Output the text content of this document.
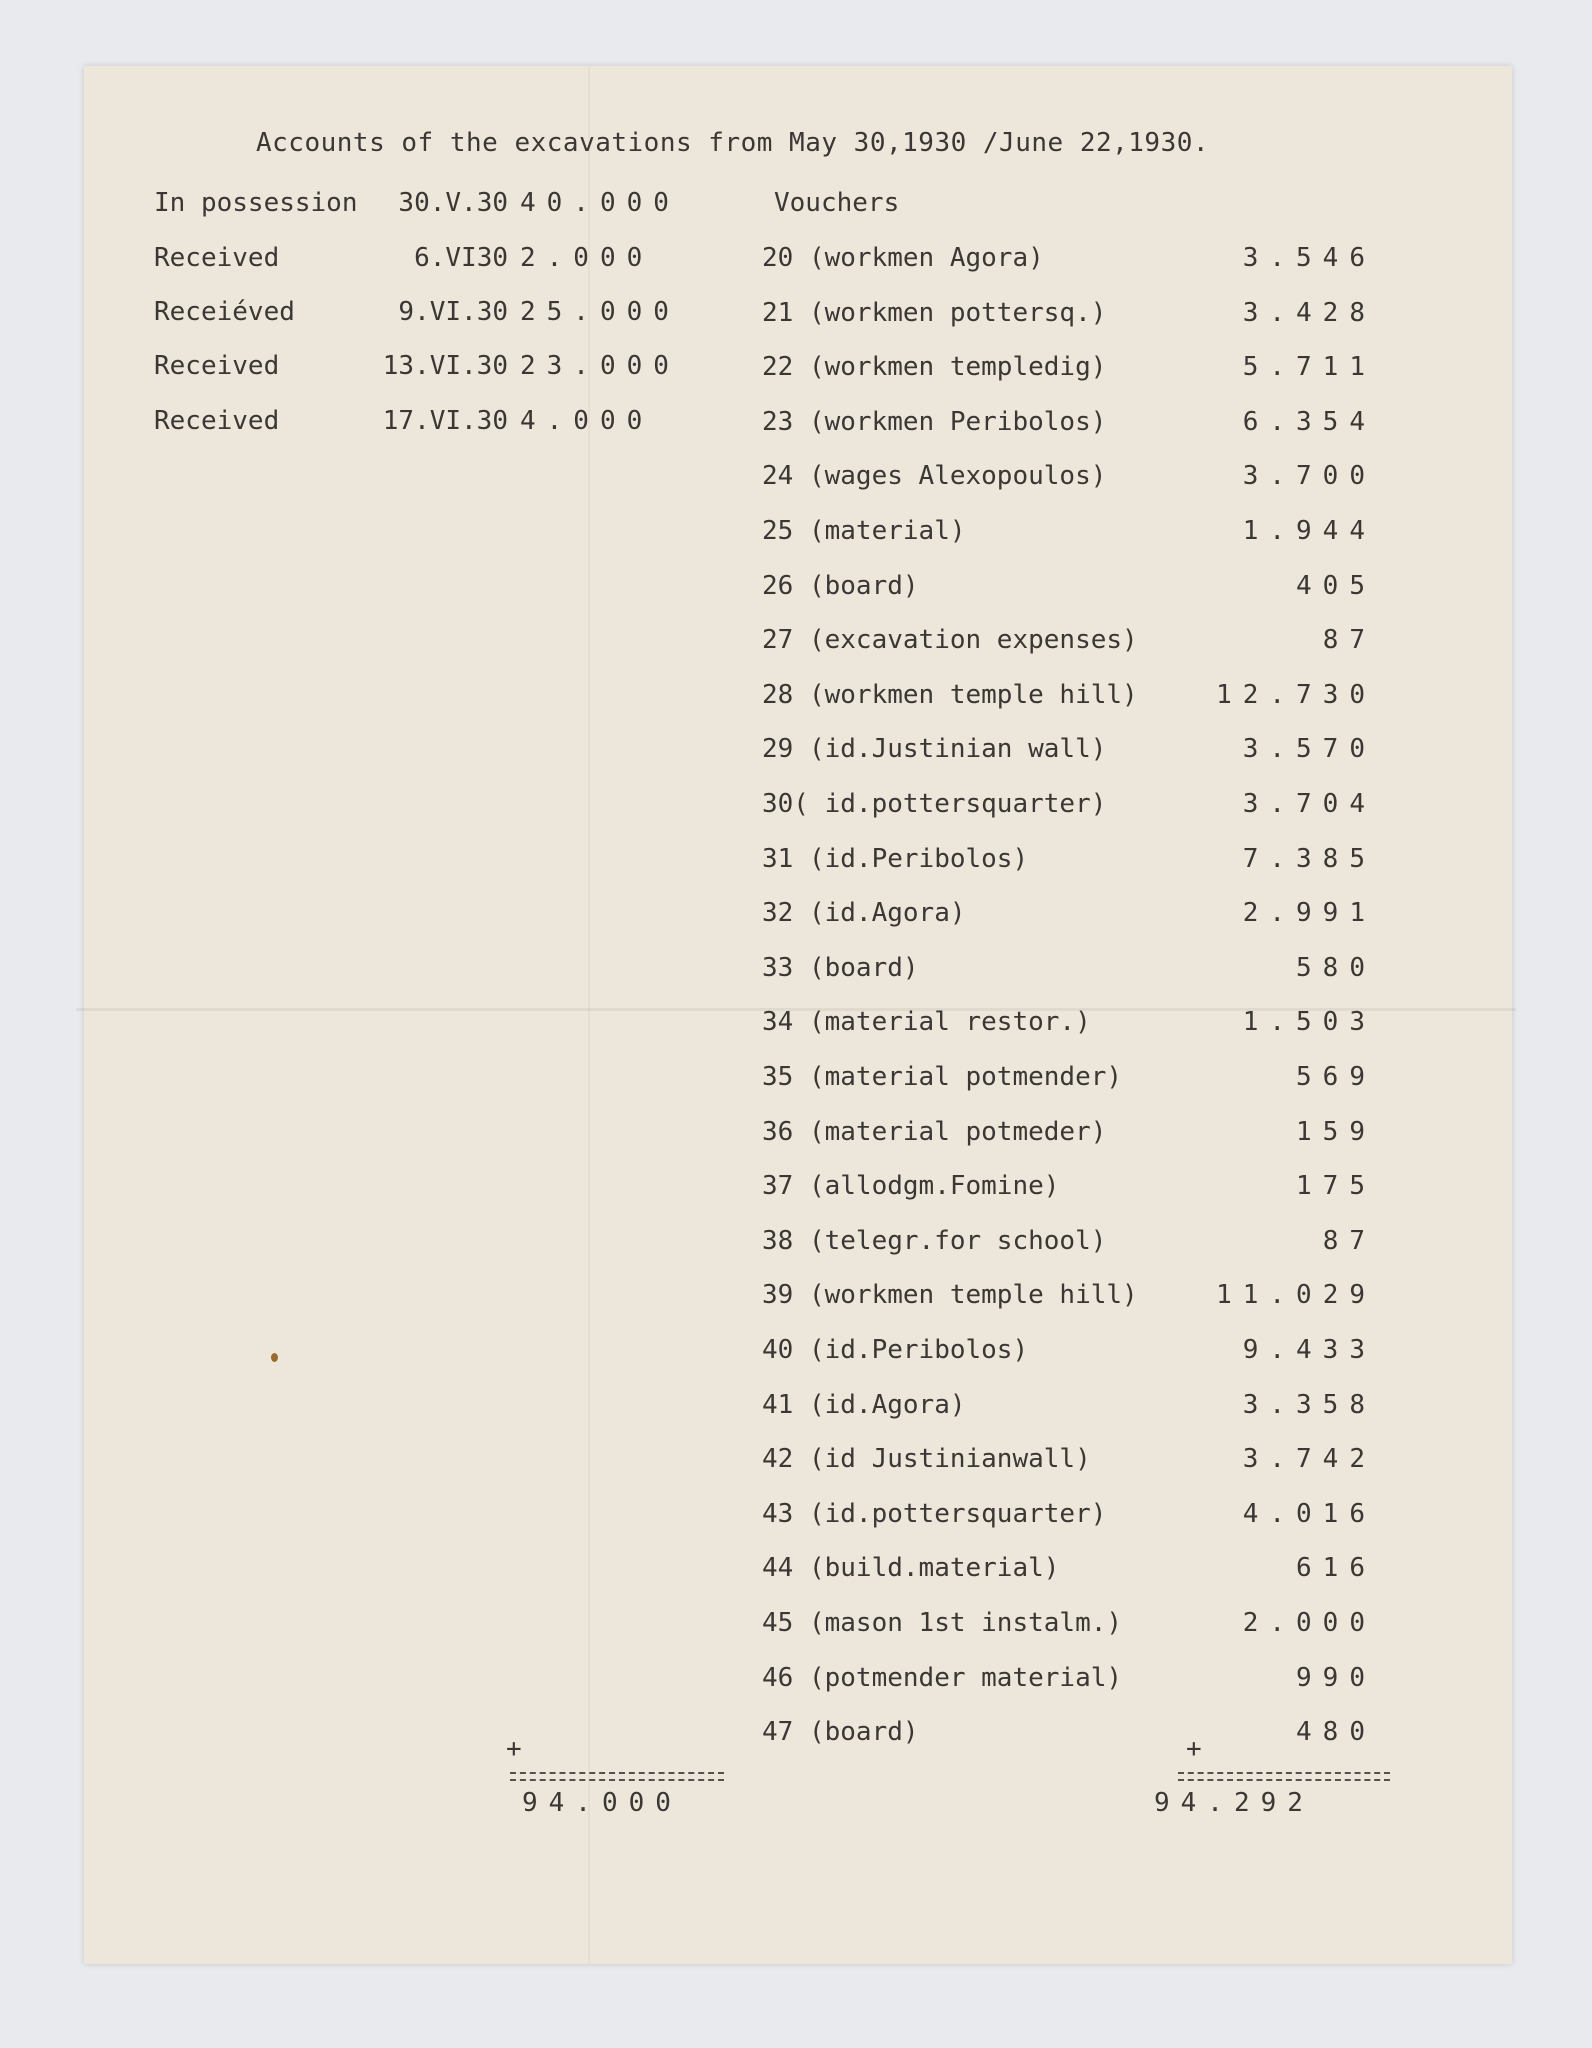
Accounts of the excavations from May 30,1930 /June 22,1930.
Vouchers
In possession	30.V.30 40.000
Received	6.VI30 2.000
Receiéved	9.VI.30 25.000
Received	13.VI.30 23.000
Received	17.VI.30 4.000
20 (workmen Agora)	3.546
21 (workmen pottersq.)	3.428
22 (workmen templedig)	5.711
23 (workmen Peribolos)	6.354
24 (wages Alexopoulos)	3.700
25 (material)	1.944
26 (board)	405
27 (excavation expenses)	87
28 (workmen temple hill)	12.730
29 (id.Justinian wall)	3.570
30( id.pottersquarter)	3.704
31 (id.Peribolos)	7.385
32 (id.Agora)	2.991
33 (board)	580
34 (material restor.)	1.503
35 (material potmender)	569
36 (material potmeder)	159
37 (allodgm.Fomine)	175
38 (telegr.for school)	87
39 (workmen temple hill)	11.029
40 (id.Peribolos)	9.433
41 (id.Agora)	3.358
42 (id Justinianwall)	3.742
43 (id.pottersquarter)	4.016
44 (build.material)	616
45 (mason 1st instalm.)	2.000
46 (potmender material)	990
47 (board)	480
+
94.000
+
94.292
